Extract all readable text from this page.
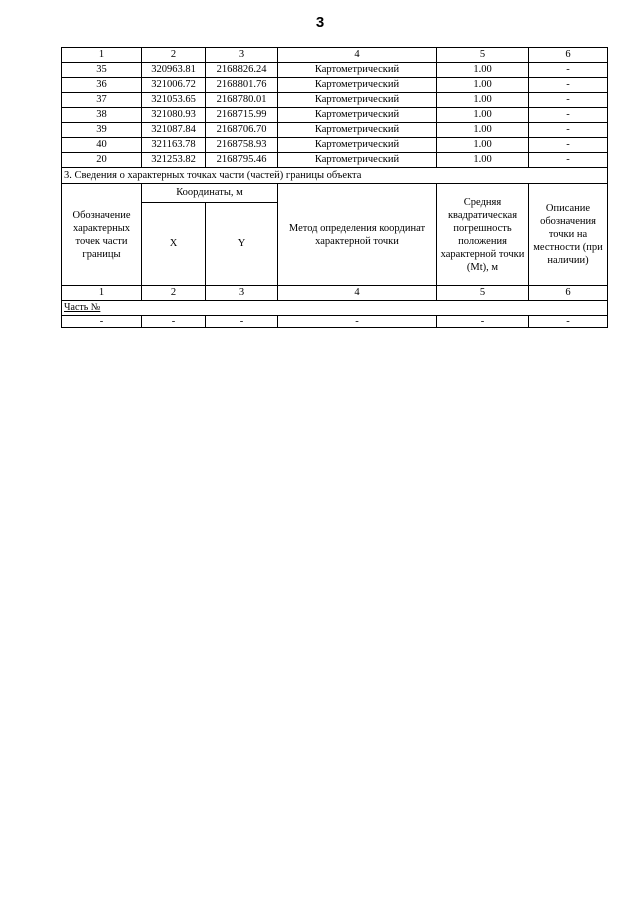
3
1	2	3	4	5	6
35	320963.81	2168826.24	Картометрический	1.00	-
36	321006.72	2168801.76	Картометрический	1.00	-
37	321053.65	2168780.01	Картометрический	1.00	-
38	321080.93	2168715.99	Картометрический	1.00	-
39	321087.84	2168706.70	Картометрический	1.00	-
40	321163.78	2168758.93	Картометрический	1.00	-
20	321253.82	2168795.46	Картометрический	1.00	-
3. Сведения о характерных точках части (частей) границы объекта					
Обозначение характерных точек части границы	Координаты, м		Метод определения координат характерной точки	Средняя квадратическая погрешность положения характерной точки (Mt), м	Описание обозначения точки на местности (при наличии)
	X	Y			
1	2	3	4	5	6
Часть №					
-	-	-	-	-	-
